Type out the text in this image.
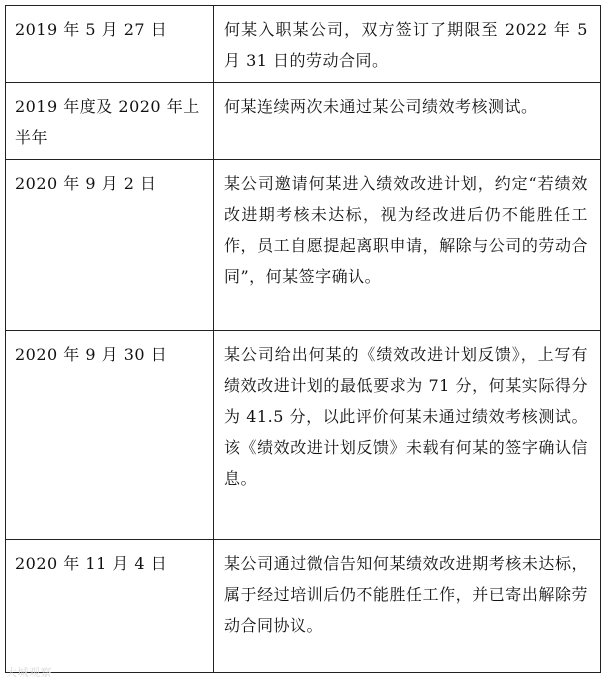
2019 年 5 月 27 日	何某入职某公司，双方签订了期限至 2022 年 5 月 31 日的劳动合同。
2019 年度及 2020 年上半年	何某连续两次未通过某公司绩效考核测试。
2020 年 9 月 2 日	某公司邀请何某进入绩效改进计划，约定“若绩效改进期考核未达标，视为经改进后仍不能胜任工作，员工自愿提起离职申请，解除与公司的劳动合同”，何某签字确认。
2020 年 9 月 30 日	某公司给出何某的《绩效改进计划反馈》，上写有绩效改进计划的最低要求为 71 分，何某实际得分为 41.5 分，以此评价何某未通过绩效考核测试。该《绩效改进计划反馈》未载有何某的签字确认信息。
2020 年 11 月 4 日	某公司通过微信告知何某绩效改进期考核未达标，属于经过培训后仍不能胜任工作，并已寄出解除劳动合同协议。
大城观察
